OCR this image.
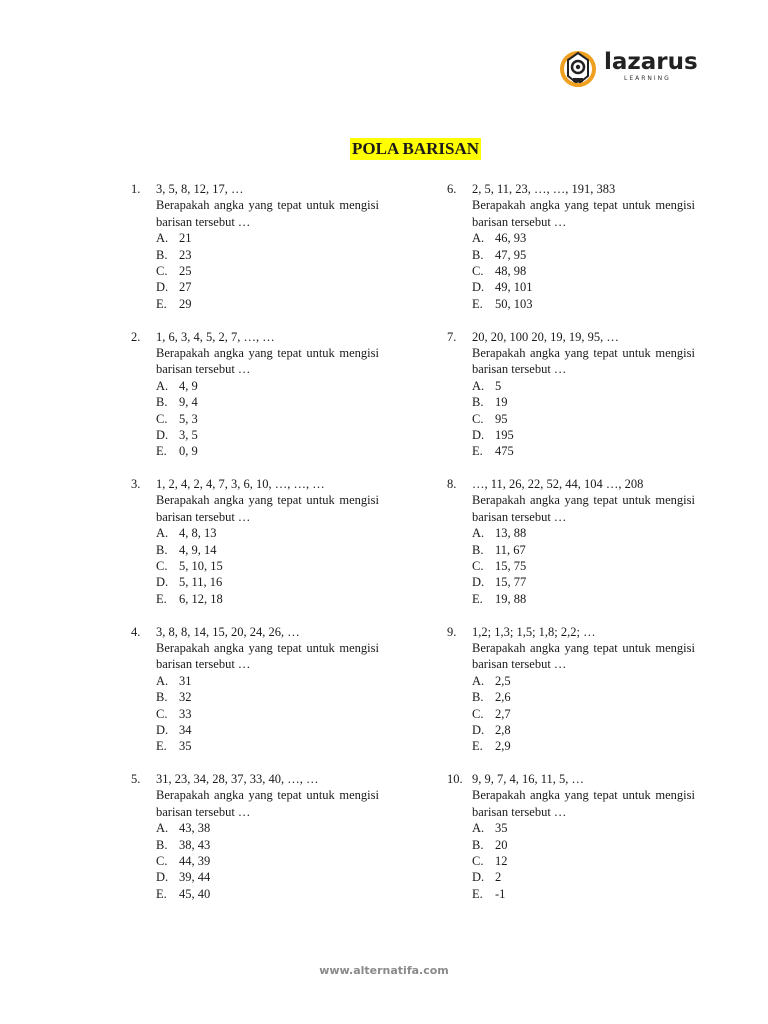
lazarus
LEARNING
POLA BARISAN
1. 3, 5, 8, 12, 17, …
Berapakah angka yang tepat untuk mengisi barisan tersebut …
A. 21
B. 23
C. 25
D. 27
E. 29
2. 1, 6, 3, 4, 5, 2, 7, …, …
Berapakah angka yang tepat untuk mengisi barisan tersebut …
A. 4, 9
B. 9, 4
C. 5, 3
D. 3, 5
E. 0, 9
3. 1, 2, 4, 2, 4, 7, 3, 6, 10, …, …, …
Berapakah angka yang tepat untuk mengisi barisan tersebut …
A. 4, 8, 13
B. 4, 9, 14
C. 5, 10, 15
D. 5, 11, 16
E. 6, 12, 18
4. 3, 8, 8, 14, 15, 20, 24, 26, …
Berapakah angka yang tepat untuk mengisi barisan tersebut …
A. 31
B. 32
C. 33
D. 34
E. 35
5. 31, 23, 34, 28, 37, 33, 40, …, …
Berapakah angka yang tepat untuk mengisi barisan tersebut …
A. 43, 38
B. 38, 43
C. 44, 39
D. 39, 44
E. 45, 40
6. 2, 5, 11, 23, …, …, 191, 383
Berapakah angka yang tepat untuk mengisi barisan tersebut …
A. 46, 93
B. 47, 95
C. 48, 98
D. 49, 101
E. 50, 103
7. 20, 20, 100 20, 19, 19, 95, …
Berapakah angka yang tepat untuk mengisi barisan tersebut …
A. 5
B. 19
C. 95
D. 195
E. 475
8. …, 11, 26, 22, 52, 44, 104 …, 208
Berapakah angka yang tepat untuk mengisi barisan tersebut …
A. 13, 88
B. 11, 67
C. 15, 75
D. 15, 77
E. 19, 88
9. 1,2; 1,3; 1,5; 1,8; 2,2; …
Berapakah angka yang tepat untuk mengisi barisan tersebut …
A. 2,5
B. 2,6
C. 2,7
D. 2,8
E. 2,9
10. 9, 9, 7, 4, 16, 11, 5, …
Berapakah angka yang tepat untuk mengisi barisan tersebut …
A. 35
B. 20
C. 12
D. 2
E. -1
www.alternatifa.com
